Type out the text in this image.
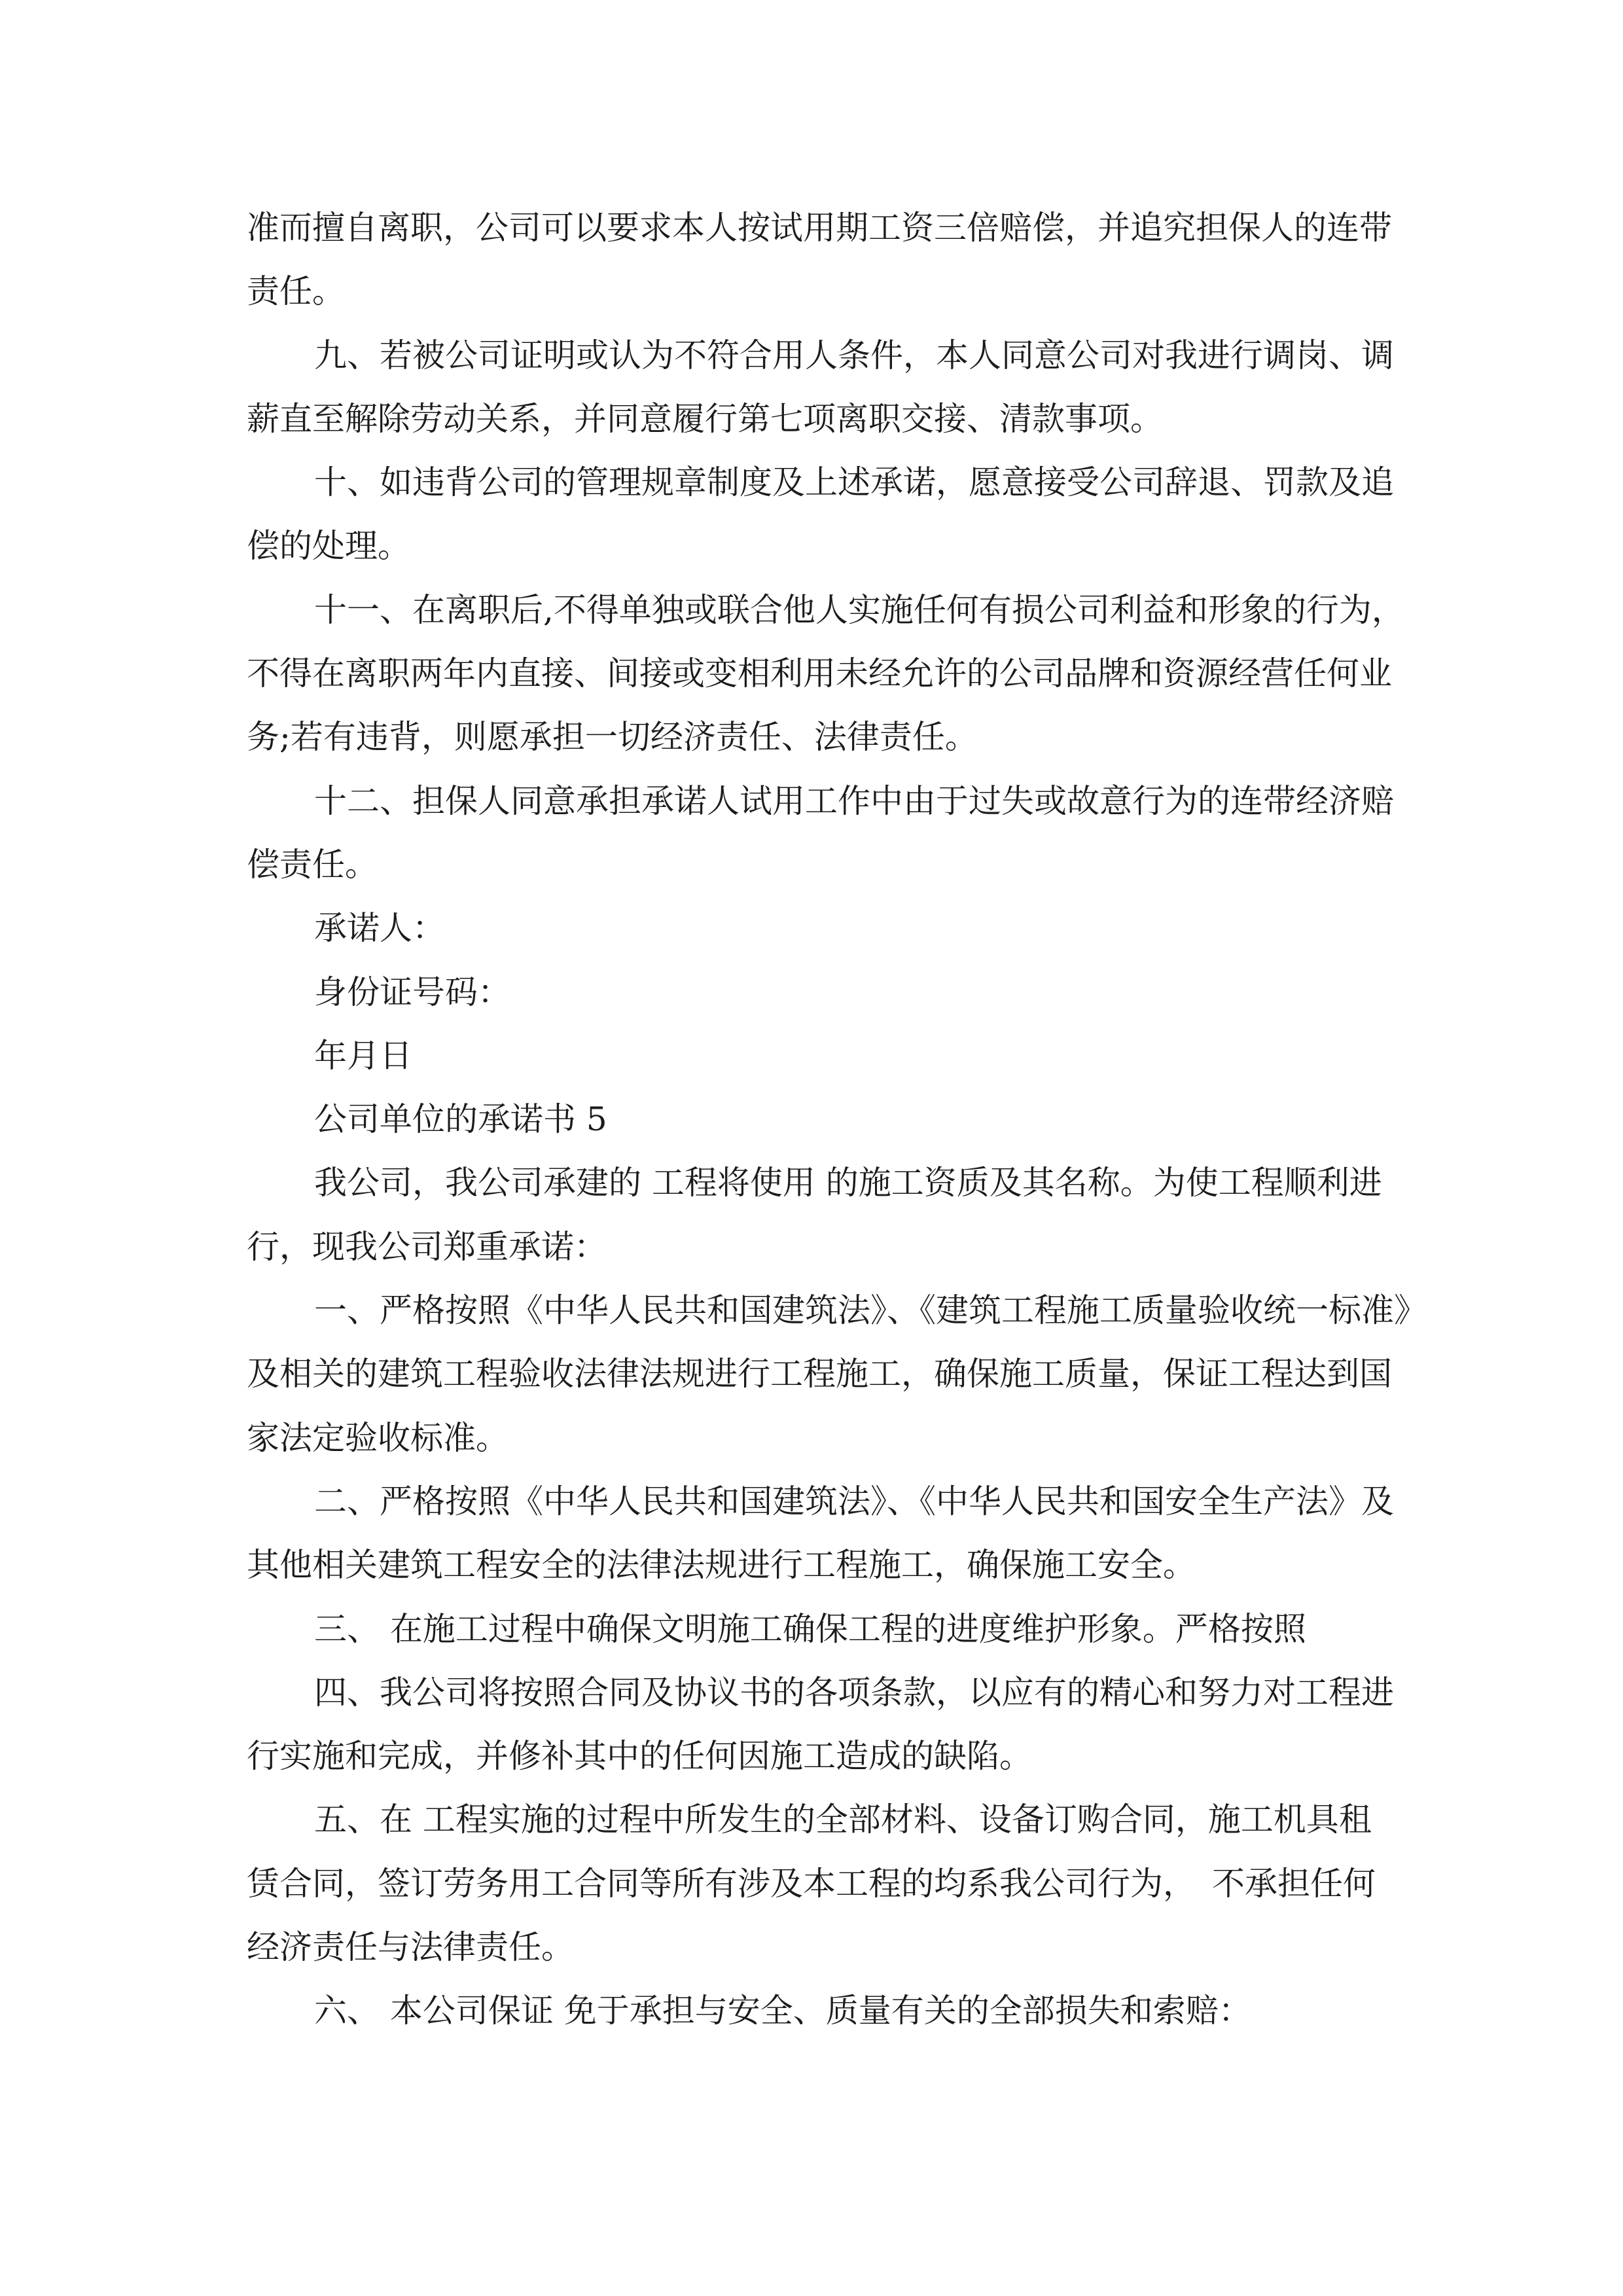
准而擅自离职，公司可以要求本人按试用期工资三倍赔偿，并追究担保人的连带
责任。
九、若被公司证明或认为不符合用人条件，本人同意公司对我进行调岗、调
薪直至解除劳动关系，并同意履行第七项离职交接、清款事项。
十、如违背公司的管理规章制度及上述承诺，愿意接受公司辞退、罚款及追
偿的处理。
十一、在离职后,不得单独或联合他人实施任何有损公司利益和形象的行为，
不得在离职两年内直接、间接或变相利用未经允许的公司品牌和资源经营任何业
务;若有违背，则愿承担一切经济责任、法律责任。
十二、担保人同意承担承诺人试用工作中由于过失或故意行为的连带经济赔
偿责任。
承诺人：
身份证号码：
年月日
公司单位的承诺书 5
我公司，我公司承建的 工程将使用 的施工资质及其名称。为使工程顺利进
行，现我公司郑重承诺：
一、严格按照《中华人民共和国建筑法》、《建筑工程施工质量验收统一标准》
及相关的建筑工程验收法律法规进行工程施工，确保施工质量，保证工程达到国
家法定验收标准。
二、严格按照《中华人民共和国建筑法》、《中华人民共和国安全生产法》及
其他相关建筑工程安全的法律法规进行工程施工，确保施工安全。
三、 在施工过程中确保文明施工确保工程的进度维护形象。严格按照
四、我公司将按照合同及协议书的各项条款，以应有的精心和努力对工程进
行实施和完成，并修补其中的任何因施工造成的缺陷。
五、在 工程实施的过程中所发生的全部材料、设备订购合同，施工机具租
赁合同，签订劳务用工合同等所有涉及本工程的均系我公司行为，　不承担任何
经济责任与法律责任。
六、 本公司保证 免于承担与安全、质量有关的全部损失和索赔：
